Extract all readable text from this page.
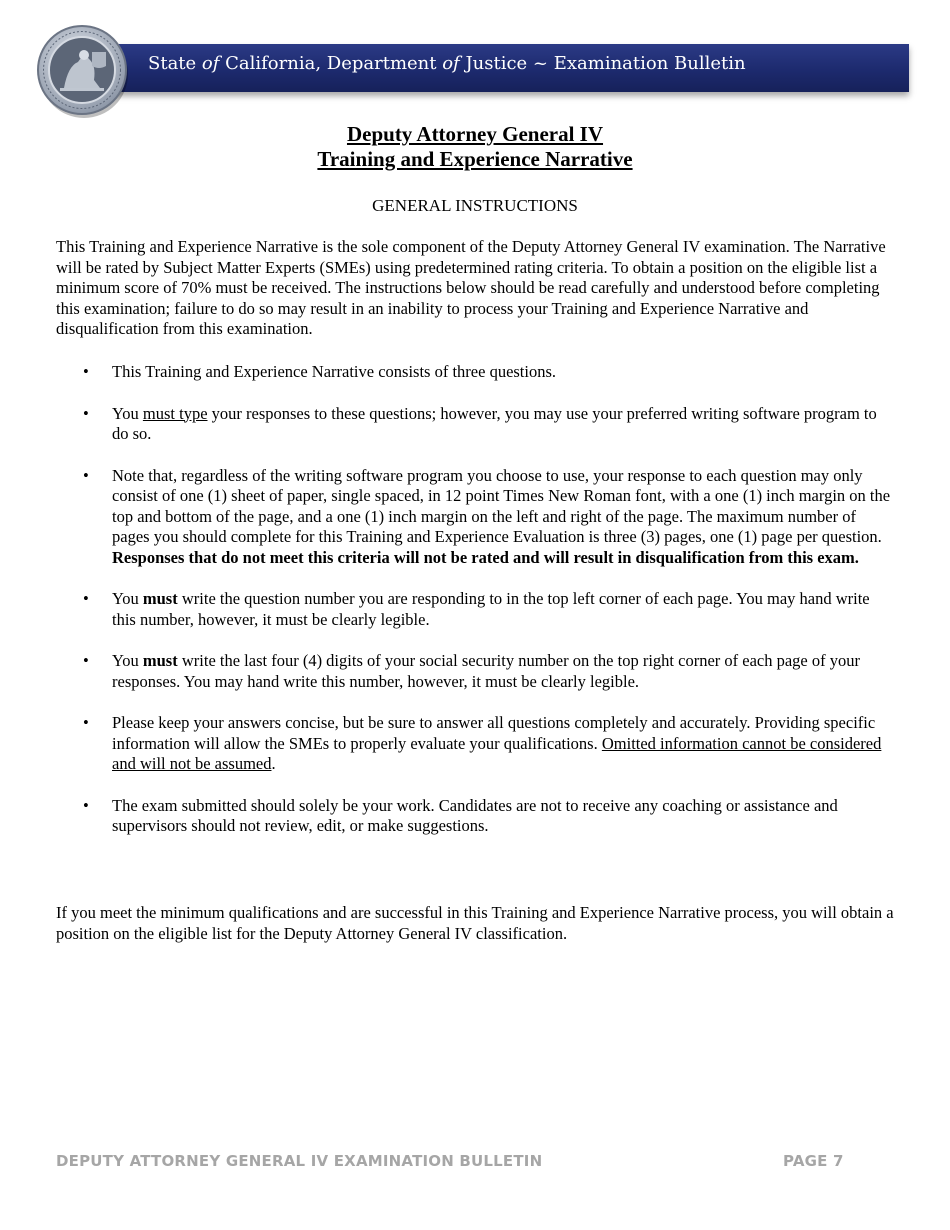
State of California, Department of Justice ~ Examination Bulletin
Deputy Attorney General IV
Training and Experience Narrative
GENERAL INSTRUCTIONS

This Training and Experience Narrative is the sole component of the Deputy Attorney General IV examination. The Narrative will be rated by Subject Matter Experts (SMEs) using predetermined rating criteria. To obtain a position on the eligible list a minimum score of 70% must be received. The instructions below should be read carefully and understood before completing this examination; failure to do so may result in an inability to process your Training and Experience Narrative and disqualification from this examination.

• This Training and Experience Narrative consists of three questions.
• You must type your responses to these questions; however, you may use your preferred writing software program to do so.
• Note that, regardless of the writing software program you choose to use, your response to each question may only consist of one (1) sheet of paper, single spaced, in 12 point Times New Roman font, with a one (1) inch margin on the top and bottom of the page, and a one (1) inch margin on the left and right of the page. The maximum number of pages you should complete for this Training and Experience Evaluation is three (3) pages, one (1) page per question. Responses that do not meet this criteria will not be rated and will result in disqualification from this exam.
• You must write the question number you are responding to in the top left corner of each page. You may hand write this number, however, it must be clearly legible.
• You must write the last four (4) digits of your social security number on the top right corner of each page of your responses. You may hand write this number, however, it must be clearly legible.
• Please keep your answers concise, but be sure to answer all questions completely and accurately. Providing specific information will allow the SMEs to properly evaluate your qualifications. Omitted information cannot be considered and will not be assumed.
• The exam submitted should solely be your work. Candidates are not to receive any coaching or assistance and supervisors should not review, edit, or make suggestions.

If you meet the minimum qualifications and are successful in this Training and Experience Narrative process, you will obtain a position on the eligible list for the Deputy Attorney General IV classification.

DEPUTY ATTORNEY GENERAL IV EXAMINATION BULLETIN	PAGE 7
